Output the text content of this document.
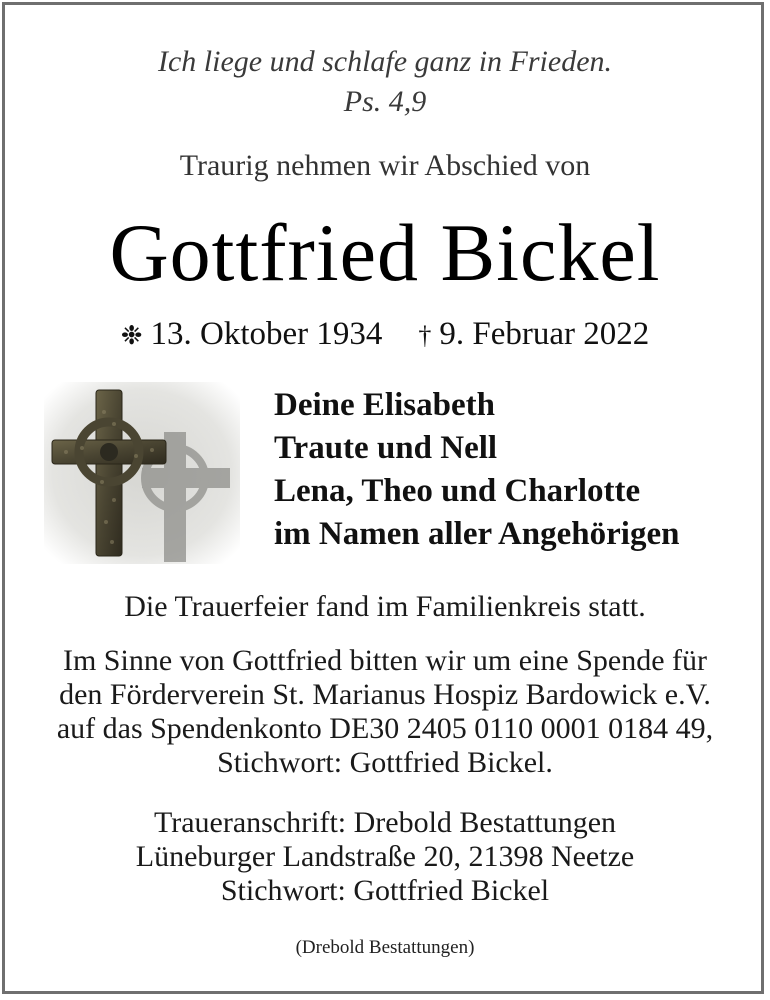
Ich liege und schlafe ganz in Frieden.
Ps. 4,9
Traurig nehmen wir Abschied von
Gottfried Bickel
❉ 13. Oktober 1934 † 9. Februar 2022
Deine Elisabeth
Traute und Nell
Lena, Theo und Charlotte
im Namen aller Angehörigen
Die Trauerfeier fand im Familienkreis statt.
Im Sinne von Gottfried bitten wir um eine Spende für
den Förderverein St. Marianus Hospiz Bardowick e.V.
auf das Spendenkonto DE30 2405 0110 0001 0184 49,
Stichwort: Gottfried Bickel.
Traueranschrift: Drebold Bestattungen
Lüneburger Landstraße 20, 21398 Neetze
Stichwort: Gottfried Bickel
(Drebold Bestattungen)
